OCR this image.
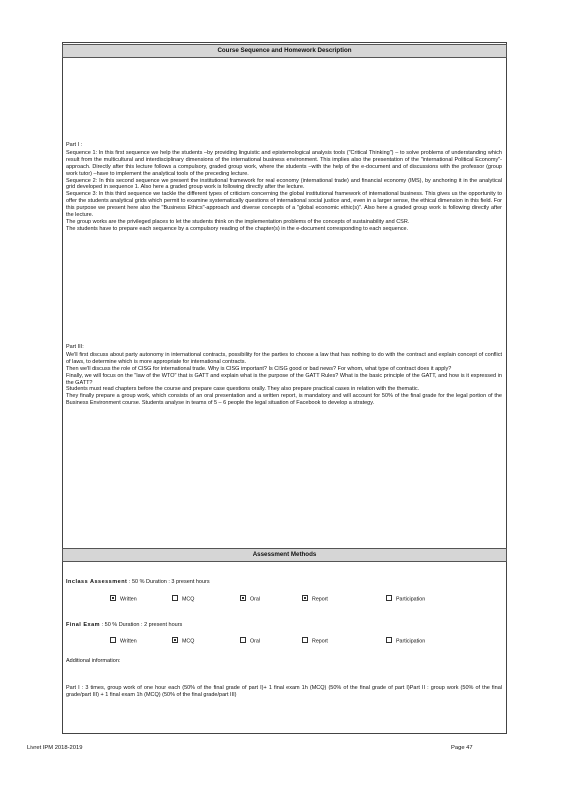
Course Sequence and Homework Description

Part I :

Sequence 1: In this first sequence we help the students –by providing linguistic and epistemological analysis tools ("Critical Thinking") – to solve problems of understanding which result from the multicultural and interdisciplinary dimensions of the international business environment. This implies also the presentation of the "international Political Economy"-approach. Directly after this lecture follows a compulsory, graded group work, where the students –with the help of the e-document and of discussions with the professor (group work tutor) –have to implement the analytical tools of the preceding lecture.

Sequence 2: In this second sequence we present the institutional framework for real economy (international trade) and financial economy (IMS), by anchoring it in the analytical grid developed in sequence 1. Also here a graded group work is following directly after the lecture.

Sequence 3: In this third sequence we tackle the different types of criticism concerning the global institutional framework of international business. This gives us the opportunity to offer the students analytical grids which permit to examine systematically questions of international social justice and, even in a larger sense, the ethical dimension in this field. For this purpose we present here also the "Business Ethics"-approach and diverse concepts of a "global economic ethic(s)". Also here a graded group work is following directly after the lecture.

The group works are the privileged places to let the students think on the implementation problems of the concepts of sustainability and CSR.

The students have to prepare each sequence by a compulsory reading of the chapter(s) in the e-document corresponding to each sequence.

Part III:

We'll first discuss about party autonomy in international contracts, possibility for the parties to choose a law that has nothing to do with the contract and explain concept of conflict of laws, to determine which is more appropriate for international contracts.

Then we'll discuss the role of CISG for international trade. Why is CISG important? Is CISG good or bad news? For whom, what type of contract does it apply?

Finally, we will focus on the "law of the WTO" that is GATT and explain what is the purpose of the GATT Rules? What is the basic principle of the GATT, and how is it expressed in the GATT?

Students must read chapters before the course and prepare case questions orally. They also prepare practical cases in relation with the thematic.

They finally prepare a group work, which consists of an oral presentation and a written report, is mandatory and will account for 50% of the final grade for the legal portion of the Business Environment course. Students analyse in teams of 5 – 6 people the legal situation of Facebook to develop a strategy.

Assessment Methods
Inclass Assessment : 50 % Duration : 3 present hours
Written	MCQ	Oral	Report	Participation
Final Exam : 50 % Duration : 2 present hours
Written	MCQ	Oral	Report	Participation
Additional information:

Part I : 3 times, group work of one hour each (50% of the final grade of part I)+ 1 final exam 1h (MCQ) (50% of the final grade of part I)Part II : group work (50% of the final grade/part III) + 1 final exam 1h (MCQ) (50% of the final grade/part III)

Livret IPM 2018-2019	Page 47
